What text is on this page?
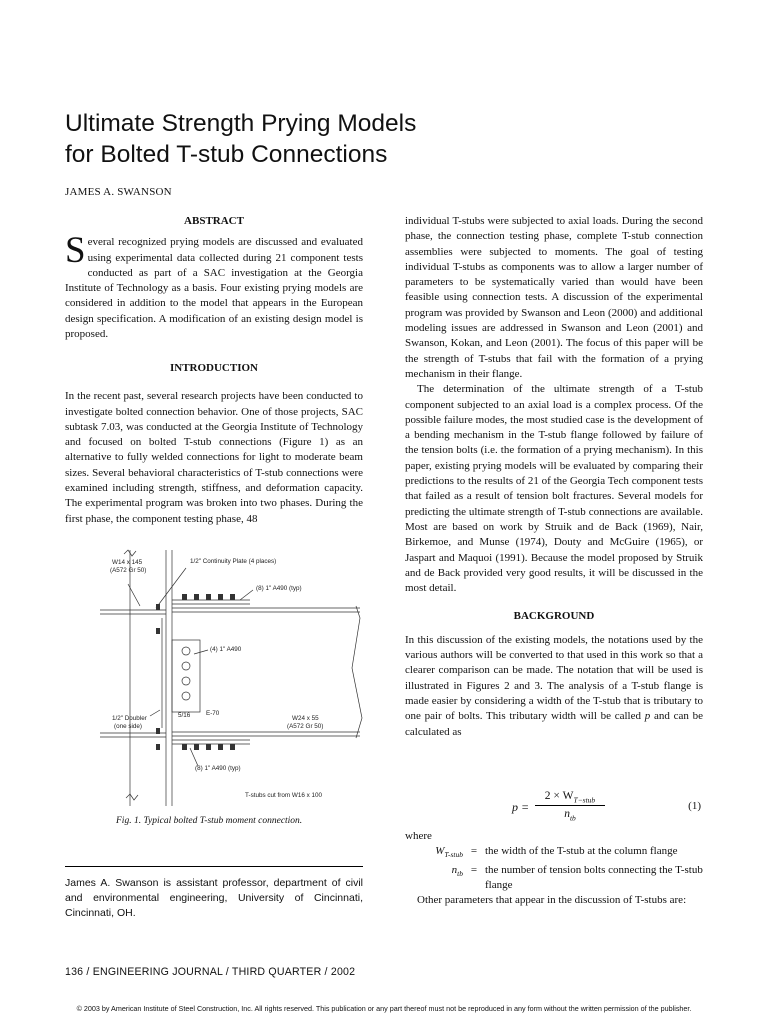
Ultimate Strength Prying Models
for Bolted T-stub Connections
JAMES A. SWANSON

ABSTRACT

Several recognized prying models are discussed and evaluated using experimental data collected during 21 component tests conducted as part of a SAC investigation at the Georgia Institute of Technology as a basis. Four existing prying models are considered in addition to the model that appears in the European design specification. A modification of an existing design model is proposed.

INTRODUCTION

In the recent past, several research projects have been conducted to investigate bolted connection behavior. One of those projects, SAC subtask 7.03, was conducted at the Georgia Institute of Technology and focused on bolted T-stub connections (Figure 1) as an alternative to fully welded connections for light to moderate beam sizes. Several behavioral characteristics of T-stub connections were examined including strength, stiffness, and deformation capacity. The experimental program was broken into two phases. During the first phase, the component testing phase, 48

W14 x 145
(A572 Gr 50)
1/2" Continuity Plate (4 places)
(8) 1" A490 (typ)
(4) 1" A490
5/16 E-70
1/2" Doubler
(one side)
W24 x 55
(A572 Gr 50)
(8) 1" A490 (typ)
T-stubs cut from W16 x 100
Fig. 1. Typical bolted T-stub moment connection.
James A. Swanson is assistant professor, department of civil and environmental engineering, University of Cincinnati, Cincinnati, OH.

individual T-stubs were subjected to axial loads. During the second phase, the connection testing phase, complete T-stub connection assemblies were subjected to moments. The goal of testing individual T-stubs as components was to allow a larger number of parameters to be systematically varied than would have been feasible using connection tests. A discussion of the experimental program was provided by Swanson and Leon (2000) and additional modeling issues are addressed in Swanson and Leon (2001) and Swanson, Kokan, and Leon (2001). The focus of this paper will be the strength of T-stubs that fail with the formation of a prying mechanism in their flange.

The determination of the ultimate strength of a T-stub component subjected to an axial load is a complex process. Of the possible failure modes, the most studied case is the development of a bending mechanism in the T-stub flange followed by failure of the tension bolts (i.e. the formation of a prying mechanism). In this paper, existing prying models will be evaluated by comparing their predictions to the results of 21 of the Georgia Tech component tests that failed as a result of tension bolt fractures. Several models for predicting the ultimate strength of T-stub connections are available. Most are based on work by Struik and de Back (1969), Nair, Birkemoe, and Munse (1974), Douty and McGuire (1965), or Jaspart and Maquoi (1991). Because the model proposed by Struik and de Back provided very good results, it will be discussed in the most detail.

BACKGROUND

In this discussion of the existing models, the notations used by the various authors will be converted to that used in this work so that a clearer comparison can be made. The notation that will be used is illustrated in Figures 2 and 3. The analysis of a T-stub flange is made easier by considering a width of the T-stub that is tributary to one pair of bolts. This tributary width will be called p and can be calculated as

p =
$2 \times W_{T-stub}$
$n_{tb}$
(1)
where
$W_{T-stub}$ = the width of the T-stub at the column flange
$n_{tb}$ = the number of tension bolts connecting the T-stub flange
Other parameters that appear in the discussion of T-stubs are:
136 / ENGINEERING JOURNAL / THIRD QUARTER / 2002
© 2003 by American Institute of Steel Construction, Inc. All rights reserved. This publication or any part thereof must not be reproduced in any form without the written permission of the publisher.
